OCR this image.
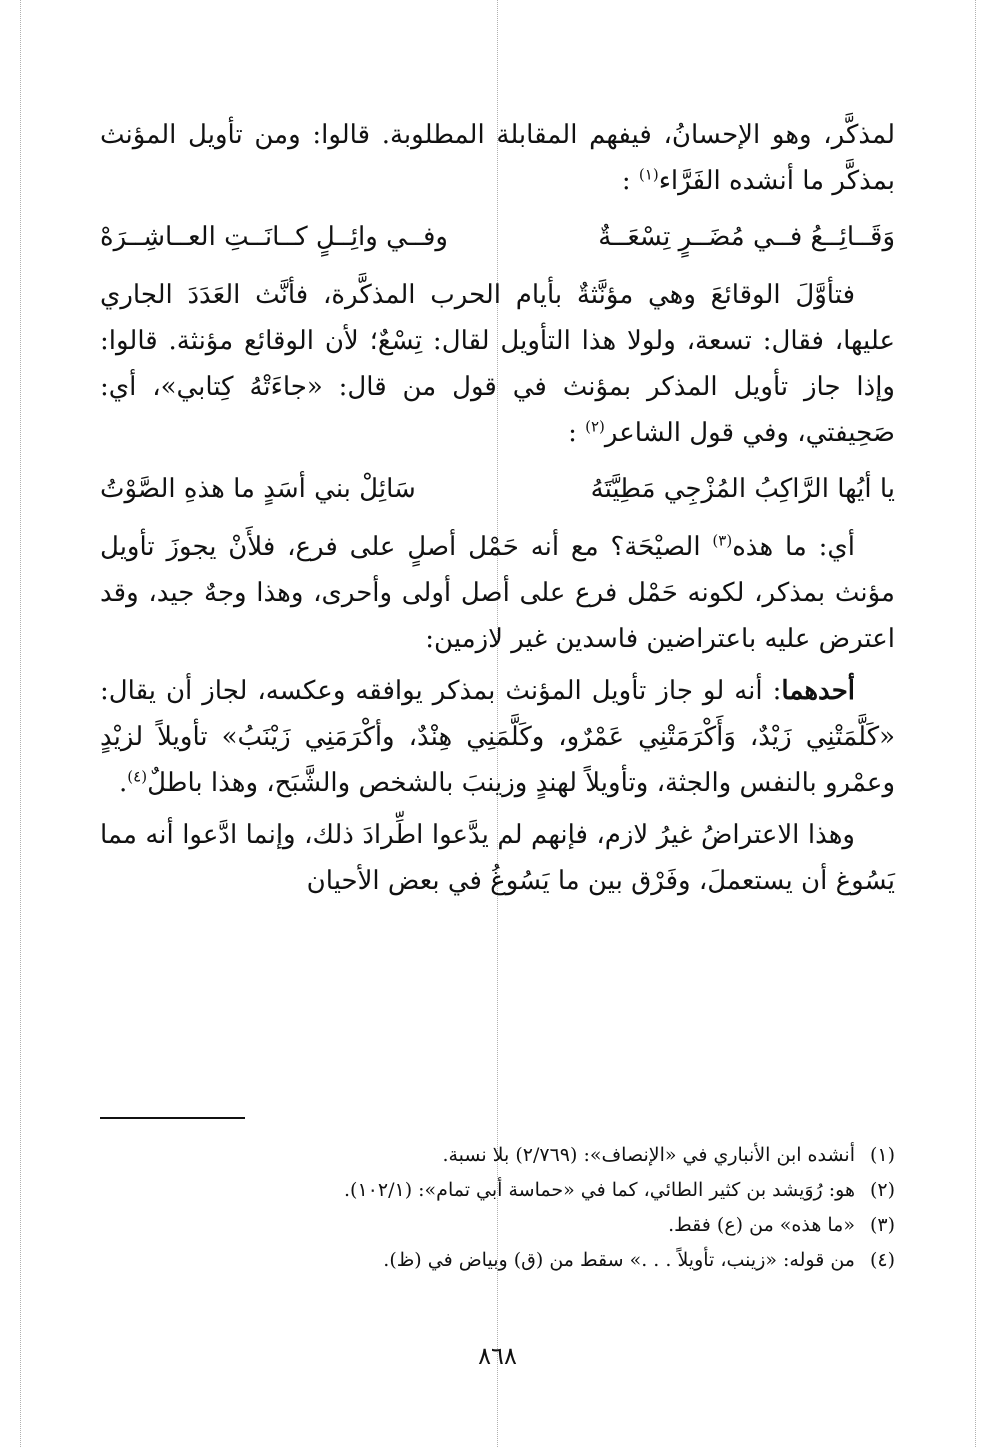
لمذكَّر، وهو الإحسانُ، فيفهم المقابلة المطلوبة. قالوا: ومن تأويل المؤنث بمذكَّر ما أنشده الفَرَّاء$^{(١)}$ :

وَقَــائِــعُ فــي مُضَــرٍ تِسْعَــةٌ
وفــي وائِــلٍ كــانَــتِ العــاشِــرَهْ

فتأوَّلَ الوقائعَ وهي مؤنَّثةٌ بأيام الحرب المذكَّرة، فأنَّث العَدَدَ الجاري عليها، فقال: تسعة، ولولا هذا التأويل لقال: تِسْعٌ؛ لأن الوقائع مؤنثة. قالوا: وإذا جاز تأويل المذكر بمؤنث في قول من قال: «جاءَتْهُ كِتابي»، أي: صَحِيفتي، وفي قول الشاعر$^{(٢)}$ :

يا أيُها الرَّاكِبُ المُزْجِي مَطِيَّتَهُ
سَائِلْ بني أسَدٍ ما هذهِ الصَّوْتُ

أي: ما هذه$^{(٣)}$ الصيْحَة؟ مع أنه حَمْل أصلٍ على فرع، فلأَنْ يجوزَ تأويل مؤنث بمذكر، لكونه حَمْل فرع على أصل أولى وأحرى، وهذا وجهٌ جيد، وقد اعترض عليه باعتراضين فاسدين غير لازمين:

أحدهما: أنه لو جاز تأويل المؤنث بمذكر يوافقه وعكسه، لجاز أن يقال: «كَلَّمَتْنِي زَيْدٌ، وَأَكْرَمَتْنِي عَمْرٌو، وكَلَّمَنِي هِنْدٌ، وأكْرَمَنِي زَيْنَبُ» تأويلاً لزيْدٍ وعمْرو بالنفس والجثة، وتأويلاً لهندٍ وزينبَ بالشخص والشَّبَح، وهذا باطلٌ$^{(٤)}$.

وهذا الاعتراضُ غيرُ لازم، فإنهم لم يدَّعوا اطِّرادَ ذلك، وإنما ادَّعوا أنه مما يَسُوغ أن يستعملَ، وفَرْق بين ما يَسُوغُ في بعض الأحيان

(١)أنشده ابن الأنباري في «الإنصاف»: (٢/٧٦٩) بلا نسبة.
(٢)هو: رُوَيشد بن كثير الطائي، كما في «حماسة أبي تمام»: (١٠٢/١).
(٣)«ما هذه» من (ع) فقط.
(٤)من قوله: «زينب، تأويلاً . . .» سقط من (ق) وبياض في (ظ).
٨٦٨
